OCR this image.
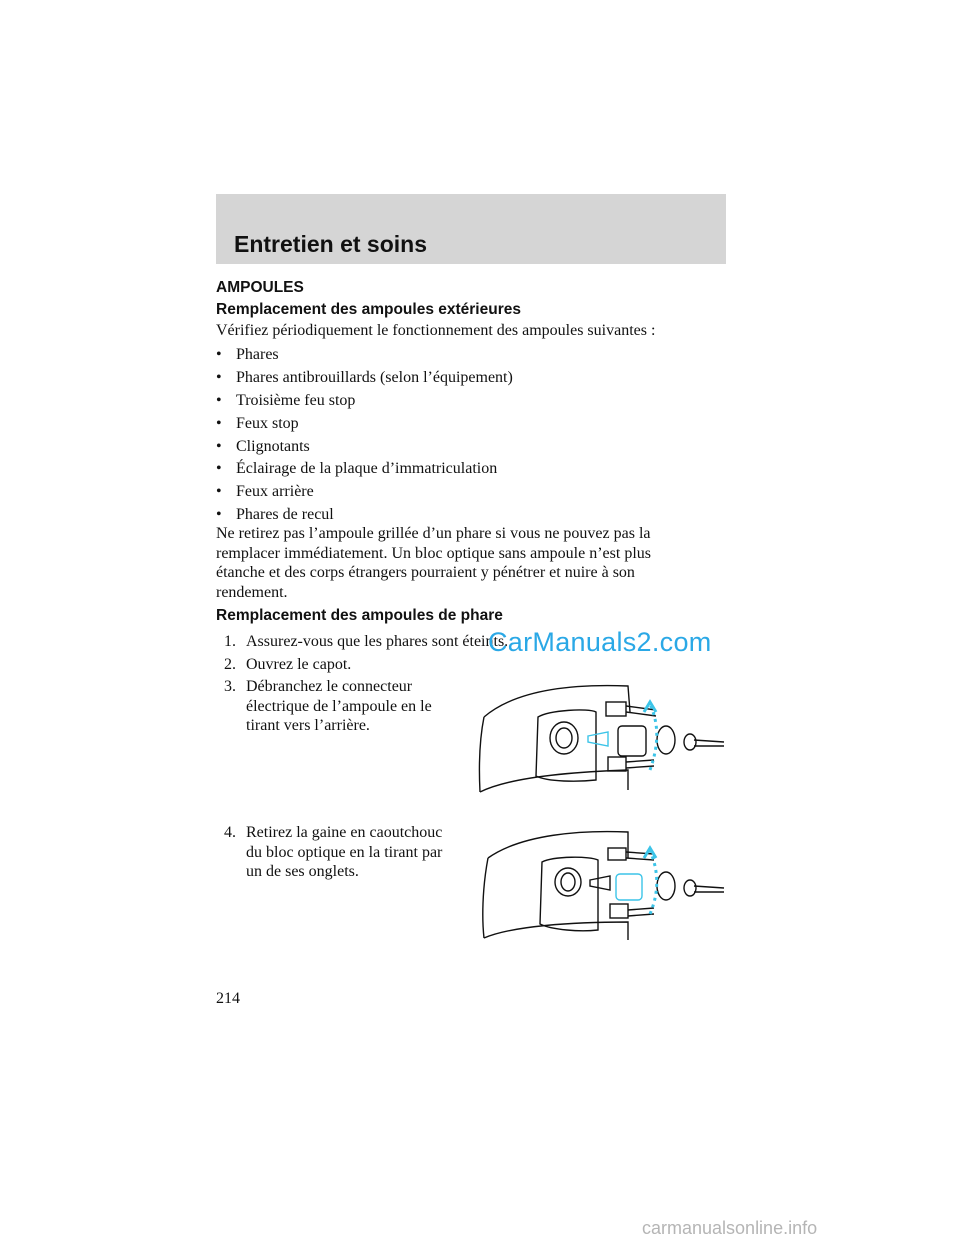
Entretien et soins
AMPOULES
Remplacement des ampoules extérieures
Vérifiez périodiquement le fonctionnement des ampoules suivantes :
• Phares
• Phares antibrouillards (selon l’équipement)
• Troisième feu stop
• Feux stop
• Clignotants
• Éclairage de la plaque d’immatriculation
• Feux arrière
• Phares de recul
Ne retirez pas l’ampoule grillée d’un phare si vous ne pouvez pas la
remplacer immédiatement. Un bloc optique sans ampoule n’est plus
étanche et des corps étrangers pourraient y pénétrer et nuire à son
rendement.
Remplacement des ampoules de phare
1. Assurez-vous que les phares sont éteints.
2. Ouvrez le capot.
3. Débranchez le connecteur
électrique de l’ampoule en le
tirant vers l’arrière.
4. Retirez la gaine en caoutchouc
du bloc optique en la tirant par
un de ses onglets.
CarManuals2.com
214
carmanualsonline.info
